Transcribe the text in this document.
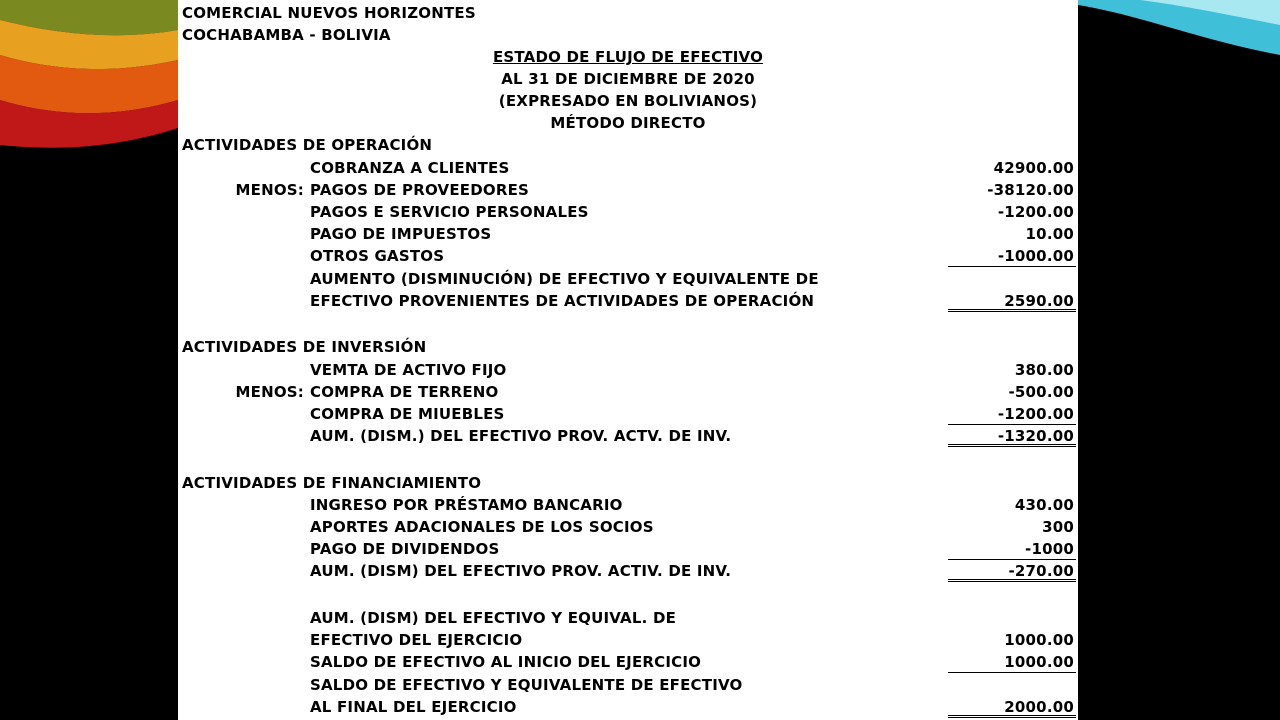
COMERCIAL NUEVOS HORIZONTES
COCHABAMBA - BOLIVIA
ESTADO DE FLUJO DE EFECTIVO
AL 31 DE DICIEMBRE DE 2020
(EXPRESADO EN BOLIVIANOS)
MÉTODO DIRECTO
ACTIVIDADES DE OPERACIÓN
COBRANZA A CLIENTES	42900.00
MENOS: PAGOS DE PROVEEDORES	-38120.00
PAGOS E SERVICIO PERSONALES	-1200.00
PAGO DE IMPUESTOS	10.00
OTROS GASTOS	-1000.00
AUMENTO (DISMINUCIÓN) DE EFECTIVO Y EQUIVALENTE DE
EFECTIVO PROVENIENTES DE ACTIVIDADES DE OPERACIÓN	2590.00
ACTIVIDADES DE INVERSIÓN
VEMTA DE ACTIVO FIJO	380.00
MENOS: COMPRA DE TERRENO	-500.00
COMPRA DE MIUEBLES	-1200.00
AUM. (DISM.) DEL EFECTIVO PROV. ACTV. DE INV.	-1320.00
ACTIVIDADES DE FINANCIAMIENTO
INGRESO POR PRÉSTAMO BANCARIO	430.00
APORTES ADACIONALES DE LOS SOCIOS	300
PAGO DE DIVIDENDOS	-1000
AUM. (DISM) DEL EFECTIVO PROV. ACTIV. DE INV.	-270.00
AUM. (DISM) DEL EFECTIVO Y EQUIVAL. DE
EFECTIVO DEL EJERCICIO	1000.00
SALDO DE EFECTIVO AL INICIO DEL EJERCICIO	1000.00
SALDO DE EFECTIVO Y EQUIVALENTE DE EFECTIVO
AL FINAL DEL EJERCICIO	2000.00
